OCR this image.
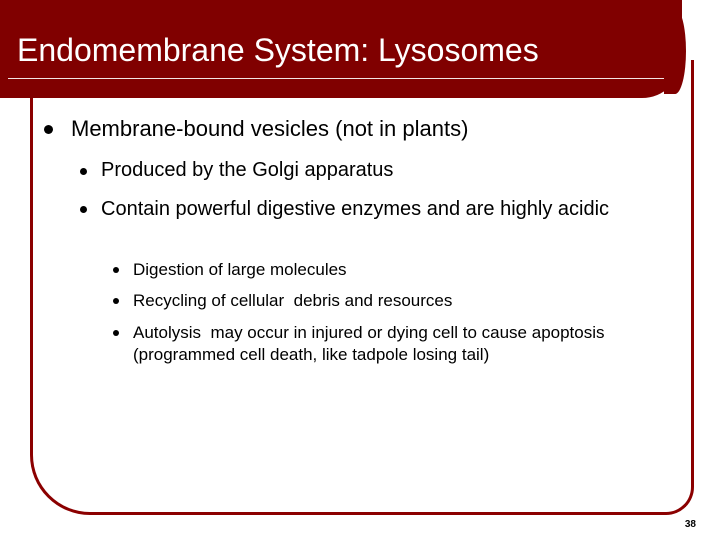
Endomembrane System: Lysosomes
Membrane-bound vesicles (not in plants)
Produced by the Golgi apparatus
Contain powerful digestive enzymes and are highly acidic
Digestion of large molecules
Recycling of cellular  debris and resources
Autolysis  may occur in injured or dying cell to cause apoptosis (programmed cell death, like tadpole losing tail)
38
